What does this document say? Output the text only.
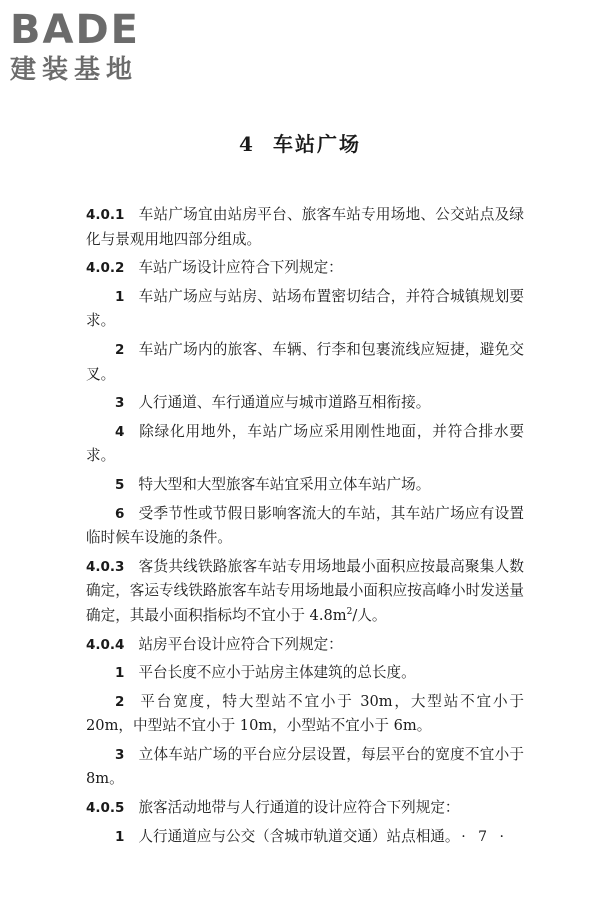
BADE
建装基地
4 车站广场
4.0.1 车站广场宜由站房平台、旅客车站专用场地、公交站点及绿化与景观用地四部分组成。
4.0.2 车站广场设计应符合下列规定：
1 车站广场应与站房、站场布置密切结合，并符合城镇规划要求。
2 车站广场内的旅客、车辆、行李和包裹流线应短捷，避免交叉。
3 人行通道、车行通道应与城市道路互相衔接。
4 除绿化用地外，车站广场应采用刚性地面，并符合排水要求。
5 特大型和大型旅客车站宜采用立体车站广场。
6 受季节性或节假日影响客流大的车站，其车站广场应有设置临时候车设施的条件。
4.0.3 客货共线铁路旅客车站专用场地最小面积应按最高聚集人数确定，客运专线铁路旅客车站专用场地最小面积应按高峰小时发送量确定，其最小面积指标均不宜小于 $4.8m^2/$人。
4.0.4 站房平台设计应符合下列规定：
1 平台长度不应小于站房主体建筑的总长度。
2 平台宽度，特大型站不宜小于 30m，大型站不宜小于 20m，中型站不宜小于 10m，小型站不宜小于 6m。
3 立体车站广场的平台应分层设置，每层平台的宽度不宜小于 8m。
4.0.5 旅客活动地带与人行通道的设计应符合下列规定：
1 人行通道应与公交（含城市轨道交通）站点相通。 · 7 ·
